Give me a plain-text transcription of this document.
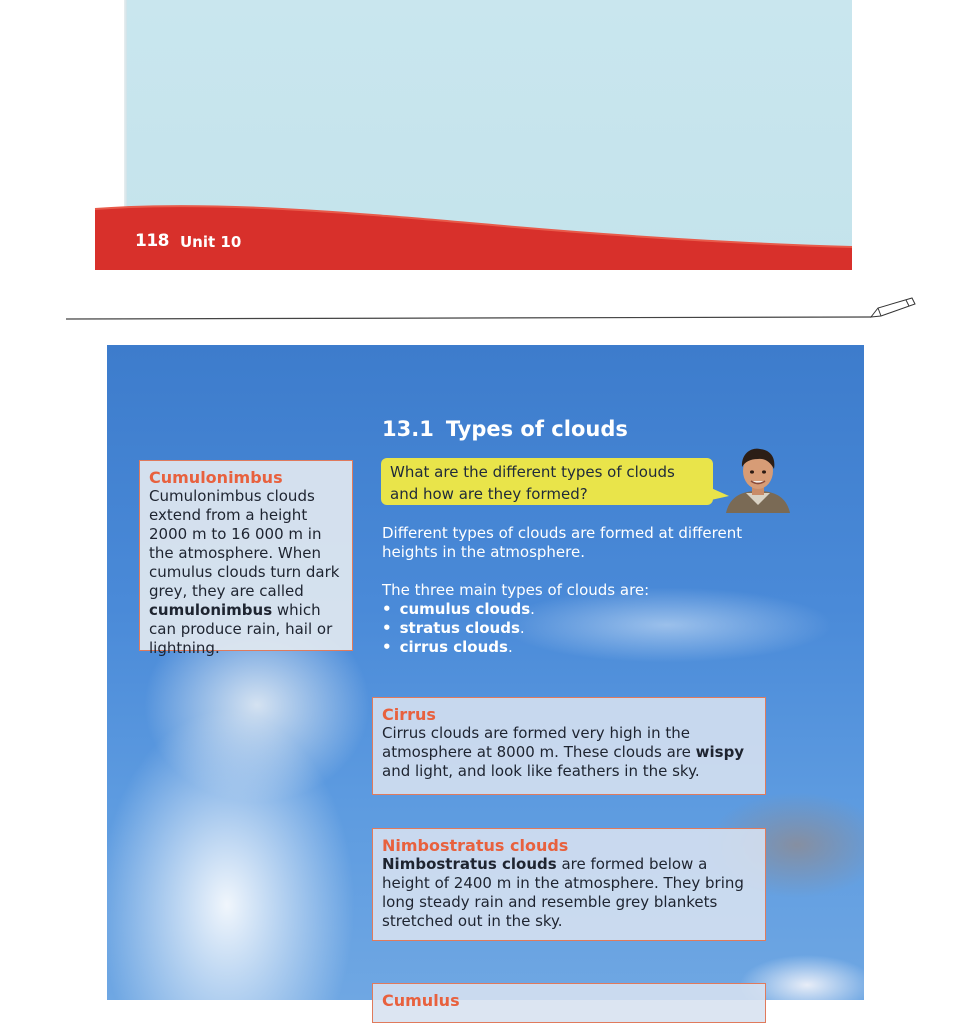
118 Unit 10
13.1 Types of clouds
What are the different types of clouds and how are they formed?

Different types of clouds are formed at different heights in the atmosphere.

The three main types of clouds are:

• cumulus clouds.
• stratus clouds.
• cirrus clouds.
Cumulonimbus
Cumulonimbus clouds extend from a height 2000 m to 16 000 m in the atmosphere. When cumulus clouds turn dark grey, they are called cumulonimbus which can produce rain, hail or lightning.
Cirrus
Cirrus clouds are formed very high in the atmosphere at 8000 m. These clouds are wispy and light, and look like feathers in the sky.
Nimbostratus clouds
Nimbostratus clouds are formed below a height of 2400 m in the atmosphere. They bring long steady rain and resemble grey blankets stretched out in the sky.
Cumulus
